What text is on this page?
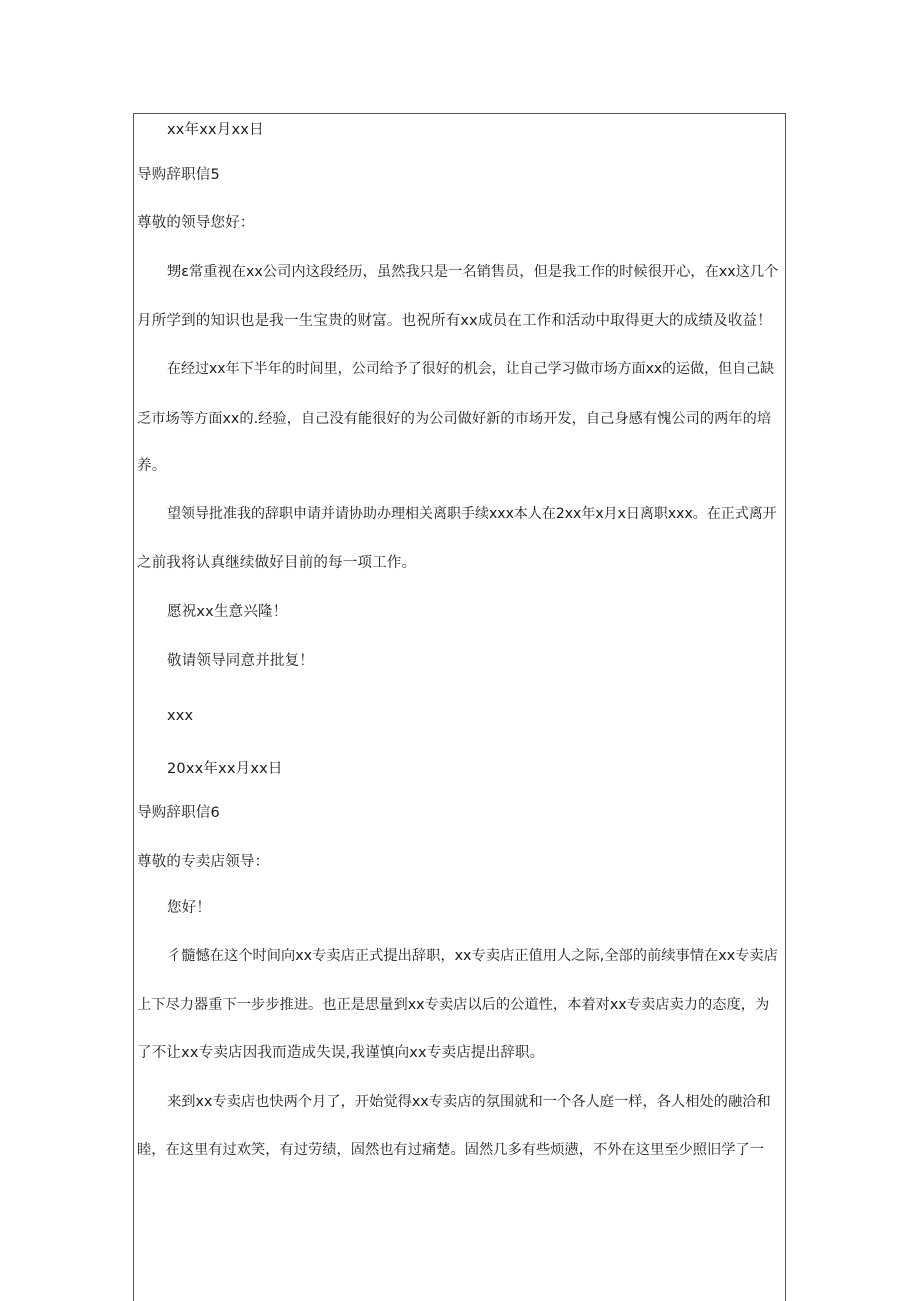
xx年xx月xx日
导购辞职信5
尊敬的领导您好：
甥ε常重视在xx公司内这段经历，虽然我只是一名销售员，但是我工作的时候很开心，在xx这几个
月所学到的知识也是我一生宝贵的财富。也祝所有xx成员在工作和活动中取得更大的成绩及收益！
在经过xx年下半年的时间里，公司给予了很好的机会，让自己学习做市场方面xx的运做，但自己缺
乏市场等方面xx的.经验，自己没有能很好的为公司做好新的市场开发，自己身感有愧公司的两年的培
养。
望领导批准我的辞职申请并请协助办理相关离职手续xxx本人在2xx年x月x日离职xxx。在正式离开
之前我将认真继续做好目前的每一项工作。
愿祝xx生意兴隆！
敬请领导同意并批复！
xxx
20xx年xx月xx日
导购辞职信6
尊敬的专卖店领导：
您好！
彳髓憾在这个时间向xx专卖店正式提出辞职，xx专卖店正值用人之际,全部的前续事情在xx专卖店
上下尽力器重下一步步推进。也正是思量到xx专卖店以后的公道性，本着对xx专卖店卖力的态度，为
了不让xx专卖店因我而造成失误,我谨慎向xx专卖店提出辞职。
来到xx专卖店也快两个月了，开始觉得xx专卖店的氛围就和一个各人庭一样，各人相处的融洽和
睦，在这里有过欢笑，有过劳绩，固然也有过痛楚。固然几多有些烦懑，不外在这里至少照旧学了一
